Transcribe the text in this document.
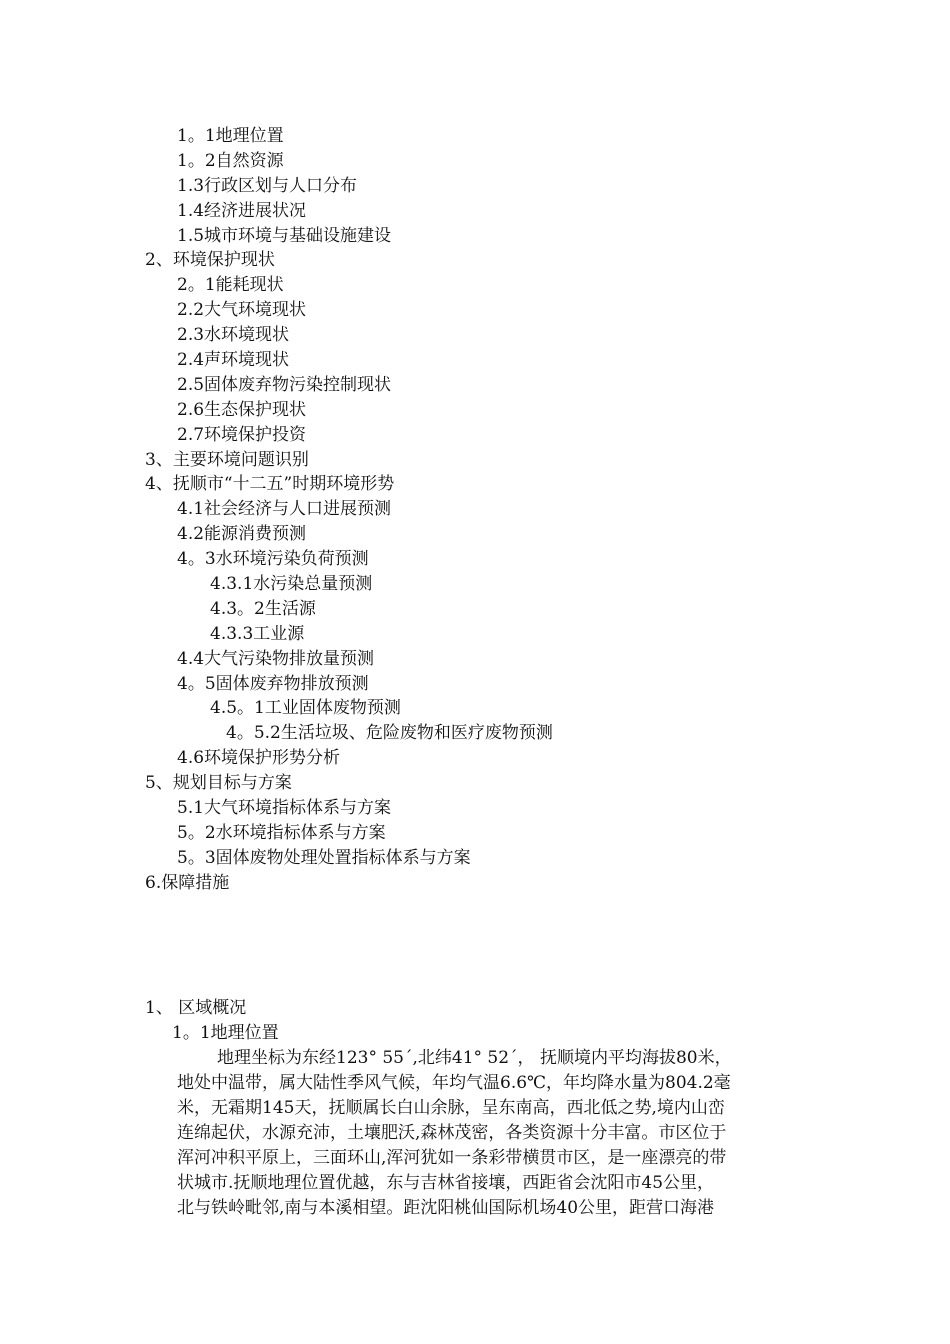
1。1地理位置
1。2自然资源
1.3行政区划与人口分布
1.4经济进展状况
1.5城市环境与基础设施建设
2、环境保护现状
2。1能耗现状
2.2大气环境现状
2.3水环境现状
2.4声环境现状
2.5固体废弃物污染控制现状
2.6生态保护现状
2.7环境保护投资
3、主要环境问题识别
4、抚顺市“十二五”时期环境形势
4.1社会经济与人口进展预测
4.2能源消费预测
4。3水环境污染负荷预测
4.3.1水污染总量预测
4.3。2生活源
4.3.3工业源
4.4大气污染物排放量预测
4。5固体废弃物排放预测
4.5。1工业固体废物预测
4。5.2生活垃圾、危险废物和医疗废物预测
4.6环境保护形势分析
5、规划目标与方案
5.1大气环境指标体系与方案
5。2水环境指标体系与方案
5。3固体废物处理处置指标体系与方案
6.保障措施
1、 区域概况
1。1地理位置
地理坐标为东经123° 55´,北纬41° 52´， 抚顺境内平均海拔80米，
地处中温带，属大陆性季风气候，年均气温6.6℃，年均降水量为804.2毫
米，无霜期145天，抚顺属长白山余脉，呈东南高，西北低之势,境内山峦
连绵起伏，水源充沛，土壤肥沃,森林茂密，各类资源十分丰富。市区位于
浑河冲积平原上，三面环山,浑河犹如一条彩带横贯市区，是一座漂亮的带
状城市.抚顺地理位置优越，东与吉林省接壤，西距省会沈阳市45公里，
北与铁岭毗邻,南与本溪相望。距沈阳桃仙国际机场40公里，距营口海港
